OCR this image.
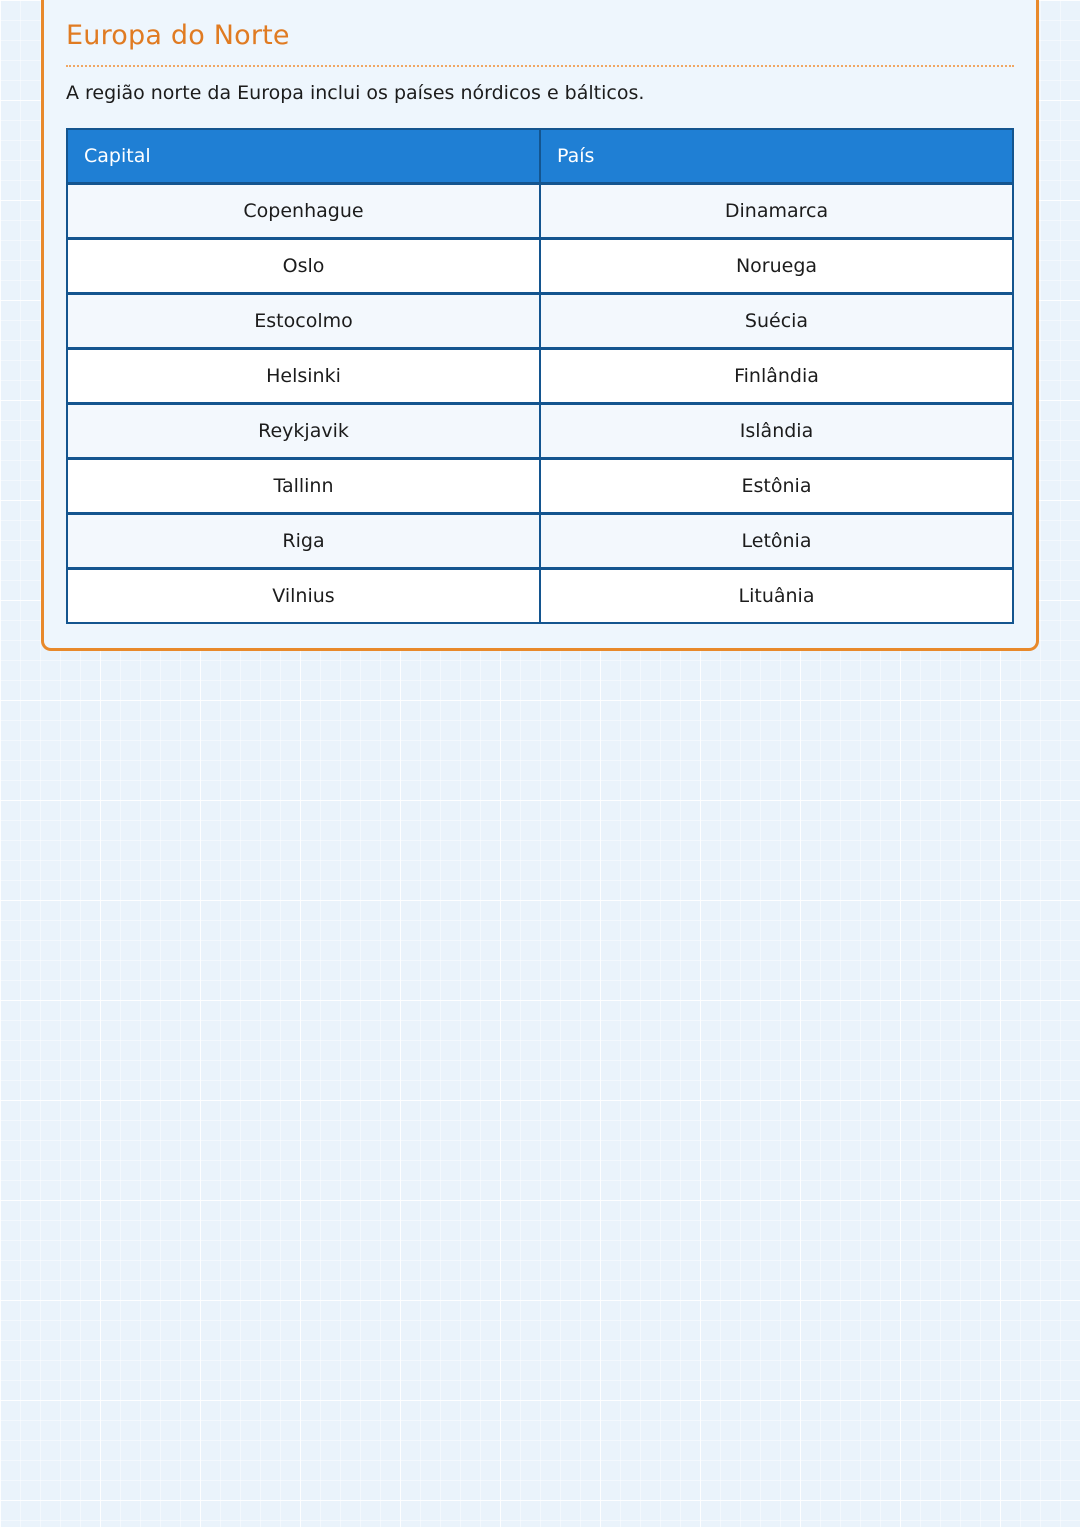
Europa do Norte

A região norte da Europa inclui os países nórdicos e bálticos.

Capital	País
Copenhague	Dinamarca
Oslo	Noruega
Estocolmo	Suécia
Helsinki	Finlândia
Reykjavik	Islândia
Tallinn	Estônia
Riga	Letônia
Vilnius	Lituânia
